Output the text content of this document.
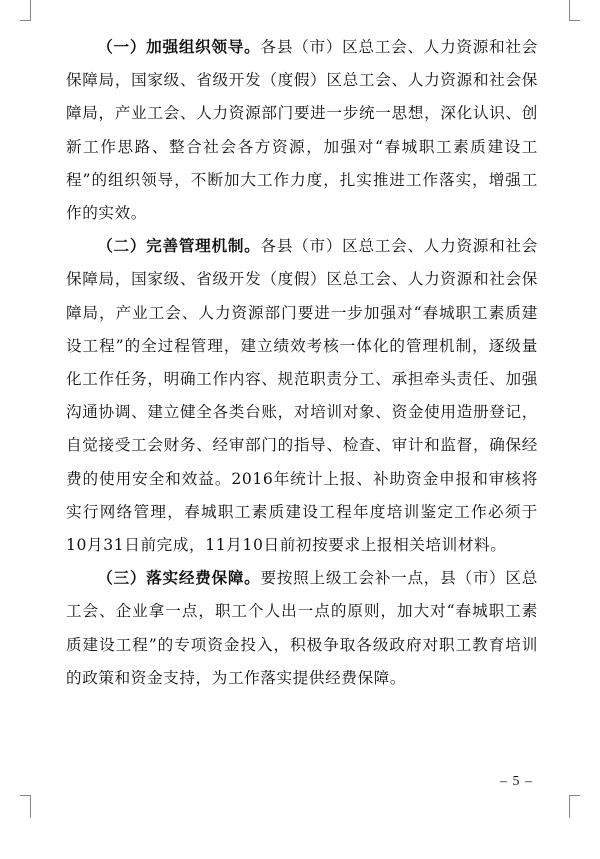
（一）加强组织领导。各县（市）区总工会、人力资源和社会保障局，国家级、省级开发（度假）区总工会、人力资源和社会保障局，产业工会、人力资源部门要进一步统一思想，深化认识、创新工作思路、整合社会各方资源，加强对“春城职工素质建设工程”的组织领导，不断加大工作力度，扎实推进工作落实，增强工作的实效。

（二）完善管理机制。各县（市）区总工会、人力资源和社会保障局，国家级、省级开发（度假）区总工会、人力资源和社会保障局，产业工会、人力资源部门要进一步加强对“春城职工素质建设工程”的全过程管理，建立绩效考核一体化的管理机制，逐级量化工作任务，明确工作内容、规范职责分工、承担牵头责任、加强沟通协调、建立健全各类台账，对培训对象、资金使用造册登记，自觉接受工会财务、经审部门的指导、检查、审计和监督，确保经费的使用安全和效益。2016年统计上报、补助资金申报和审核将实行网络管理，春城职工素质建设工程年度培训鉴定工作必须于10月31日前完成，11月10日前初按要求上报相关培训材料。

（三）落实经费保障。要按照上级工会补一点，县（市）区总工会、企业拿一点，职工个人出一点的原则，加大对“春城职工素质建设工程”的专项资金投入，积极争取各级政府对职工教育培训的政策和资金支持，为工作落实提供经费保障。

– 5 –
